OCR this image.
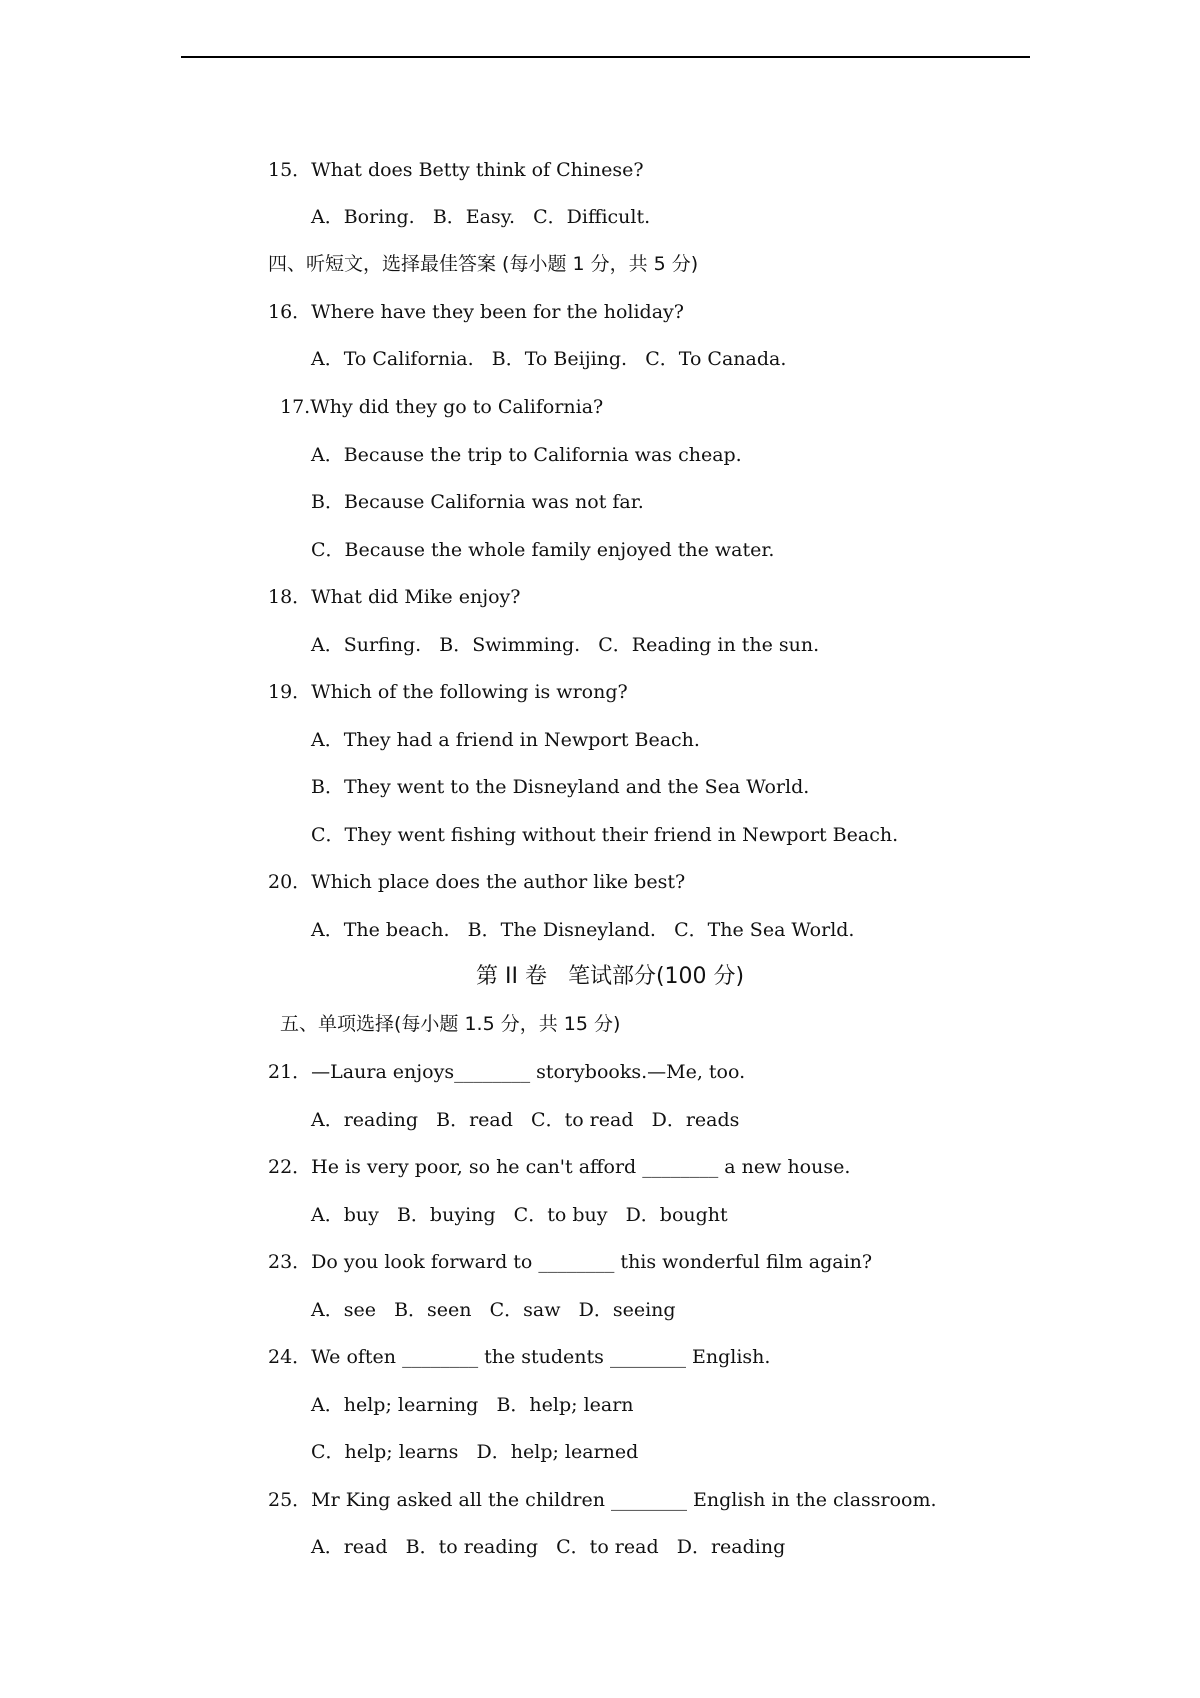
15．What does Betty think of Chinese?
A．Boring.   B．Easy.   C．Difficult.
四、听短文，选择最佳答案 (每小题 1 分，共 5 分)
16．Where have they been for the holiday?
A．To California.   B．To Beijing.   C．To Canada.
17.Why did they go to California?
A．Because the trip to California was cheap.
B．Because California was not far.
C．Because the whole family enjoyed the water.
18．What did Mike enjoy?
A．Surfing.   B．Swimming.   C．Reading in the sun.
19．Which of the following is wrong?
A．They had a friend in Newport Beach.
B．They went to the Disneyland and the Sea World.
C．They went fishing without their friend in Newport Beach.
20．Which place does the author like best?
A．The beach.   B．The Disneyland.   C．The Sea World.
第 II 卷   笔试部分(100 分)
五、单项选择(每小题 1.5 分，共 15 分)
21．—Laura enjoys________ storybooks.—Me, too.
A．reading   B．read   C．to read   D．reads
22．He is very poor, so he can't afford ________ a new house.
A．buy   B．buying   C．to buy   D．bought
23．Do you look forward to ________ this wonderful film again?
A．see   B．seen   C．saw   D．seeing
24．We often ________ the students ________ English.
A．help; learning   B．help; learn
C．help; learns   D．help; learned
25．Mr King asked all the children ________ English in the classroom.
A．read   B．to reading   C．to read   D．reading
